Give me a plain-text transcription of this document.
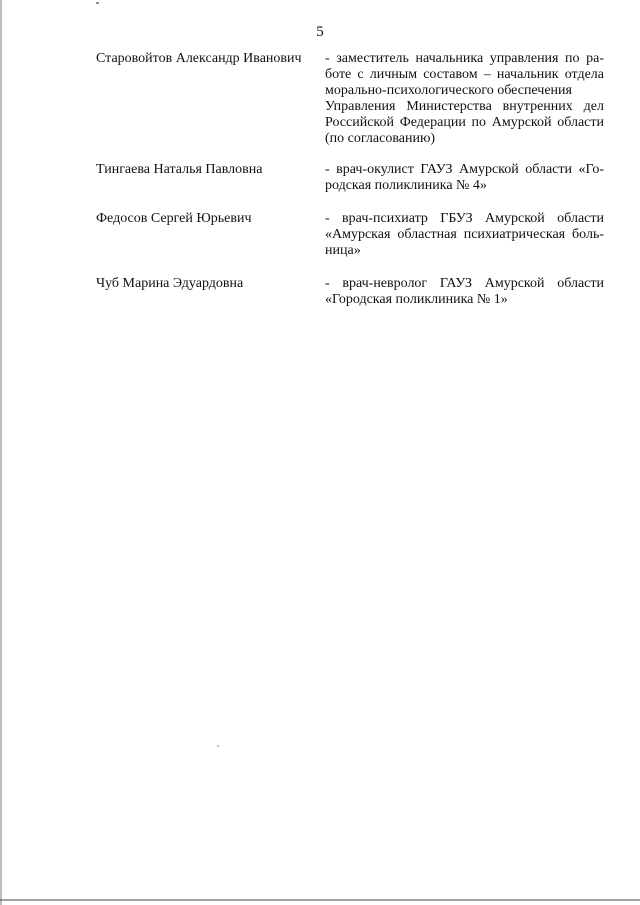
5
Старовойтов Александр Иванович	- заместитель начальника управления по ра-
боте с личным составом – начальник отдела
морально-психологического обеспечения
Управления Министерства внутренних дел
Российской Федерации по Амурской области
(по согласованию)
Тингаева Наталья Павловна	- врач-окулист ГАУЗ Амурской области «Го-
родская поликлиника № 4»
Федосов Сергей Юрьевич	- врач-психиатр ГБУЗ Амурской области
«Амурская областная психиатрическая боль-
ница»
Чуб Марина Эдуардовна	- врач-невролог ГАУЗ Амурской области
«Городская поликлиника № 1»
